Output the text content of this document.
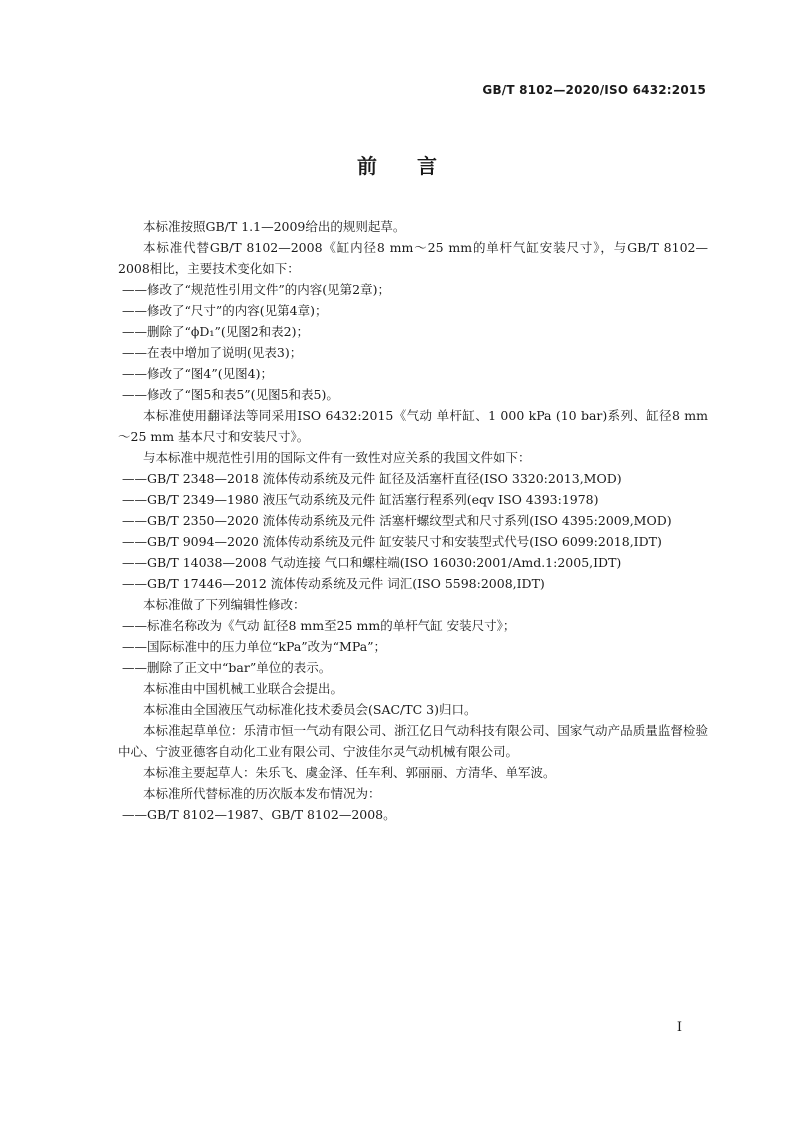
GB/T 8102—2020/ISO 6432:2015
前言

本标准按照GB/T 1.1—2009给出的规则起草。

本标准代替GB/T 8102—2008《缸内径8 mm～25 mm的单杆气缸安装尺寸》，与GB/T 8102—2008相比，主要技术变化如下：

——修改了“规范性引用文件”的内容(见第2章)；

——修改了“尺寸”的内容(见第4章)；

——删除了“ϕD₁”(见图2和表2)；

——在表中增加了说明(见表3)；

——修改了“图4”(见图4)；

——修改了“图5和表5”(见图5和表5)。

本标准使用翻译法等同采用ISO 6432:2015《气动 单杆缸、1 000 kPa (10 bar)系列、缸径8 mm～25 mm 基本尺寸和安装尺寸》。

与本标准中规范性引用的国际文件有一致性对应关系的我国文件如下：

——GB/T 2348—2018 流体传动系统及元件 缸径及活塞杆直径(ISO 3320:2013,MOD)

——GB/T 2349—1980 液压气动系统及元件 缸活塞行程系列(eqv ISO 4393:1978)

——GB/T 2350—2020 流体传动系统及元件 活塞杆螺纹型式和尺寸系列(ISO 4395:2009,MOD)

——GB/T 9094—2020 流体传动系统及元件 缸安装尺寸和安装型式代号(ISO 6099:2018,IDT)

——GB/T 14038—2008 气动连接 气口和螺柱端(ISO 16030:2001/Amd.1:2005,IDT)

——GB/T 17446—2012 流体传动系统及元件 词汇(ISO 5598:2008,IDT)

本标准做了下列编辑性修改：

——标准名称改为《气动 缸径8 mm至25 mm的单杆气缸 安装尺寸》；

——国际标准中的压力单位“kPa”改为“MPa”；

——删除了正文中“bar”单位的表示。

本标准由中国机械工业联合会提出。

本标准由全国液压气动标准化技术委员会(SAC/TC 3)归口。

本标准起草单位：乐清市恒一气动有限公司、浙江亿日气动科技有限公司、国家气动产品质量监督检验中心、宁波亚德客自动化工业有限公司、宁波佳尔灵气动机械有限公司。

本标准主要起草人：朱乐飞、虞金泽、任车利、郭丽丽、方清华、单军波。

本标准所代替标准的历次版本发布情况为：

——GB/T 8102—1987、GB/T 8102—2008。

I
